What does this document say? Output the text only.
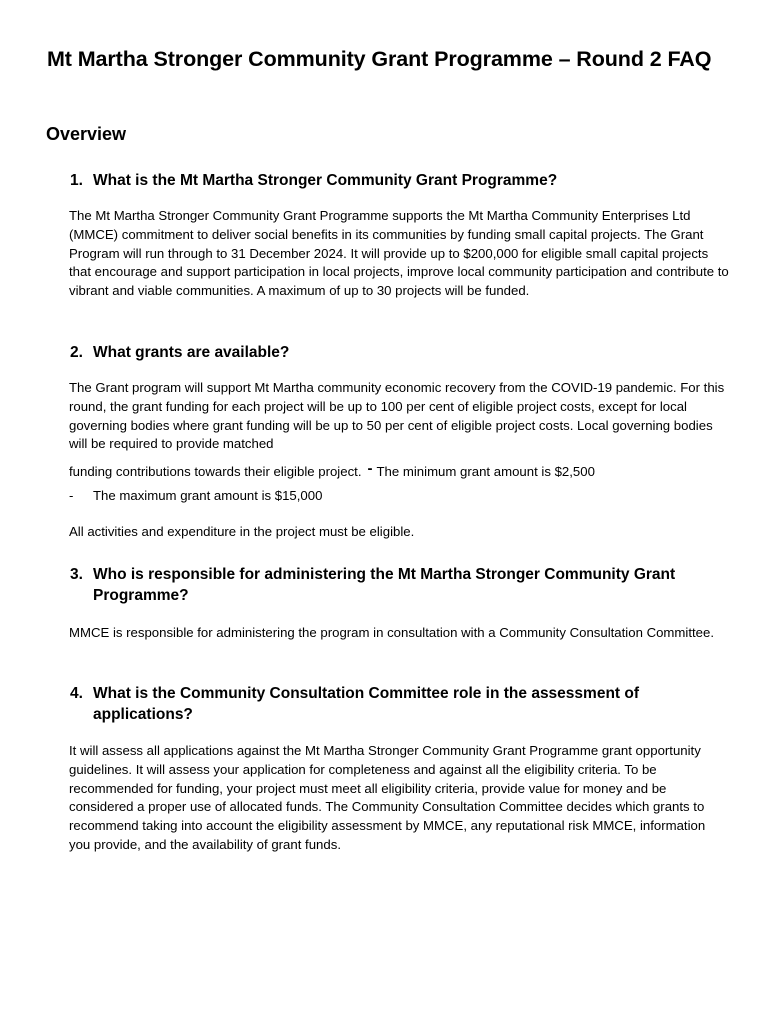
Mt Martha Stronger Community Grant Programme – Round 2 FAQ
Overview
1. What is the Mt Martha Stronger Community Grant Programme?

The Mt Martha Stronger Community Grant Programme supports the Mt Martha Community Enterprises Ltd (MMCE) commitment to deliver social benefits in its communities by funding small capital projects. The Grant Program will run through to 31 December 2024. It will provide up to $200,000 for eligible small capital projects that encourage and support participation in local projects, improve local community participation and contribute to vibrant and viable communities. A maximum of up to 30 projects will be funded.

2. What grants are available?

The Grant program will support Mt Martha community economic recovery from the COVID-19 pandemic. For this round, the grant funding for each project will be up to 100 per cent of eligible project costs, except for local governing bodies where grant funding will be up to 50 per cent of eligible project costs. Local governing bodies will be required to provide matched

funding contributions towards their eligible project. - The minimum grant amount is $2,500

- The maximum grant amount is $15,000

All activities and expenditure in the project must be eligible.

3. Who is responsible for administering the Mt Martha Stronger Community Grant Programme?

MMCE is responsible for administering the program in consultation with a Community Consultation Committee.

4. What is the Community Consultation Committee role in the assessment of applications?

It will assess all applications against the Mt Martha Stronger Community Grant Programme grant opportunity guidelines. It will assess your application for completeness and against all the eligibility criteria. To be recommended for funding, your project must meet all eligibility criteria, provide value for money and be considered a proper use of allocated funds. The Community Consultation Committee decides which grants to recommend taking into account the eligibility assessment by MMCE, any reputational risk MMCE, information you provide, and the availability of grant funds.
